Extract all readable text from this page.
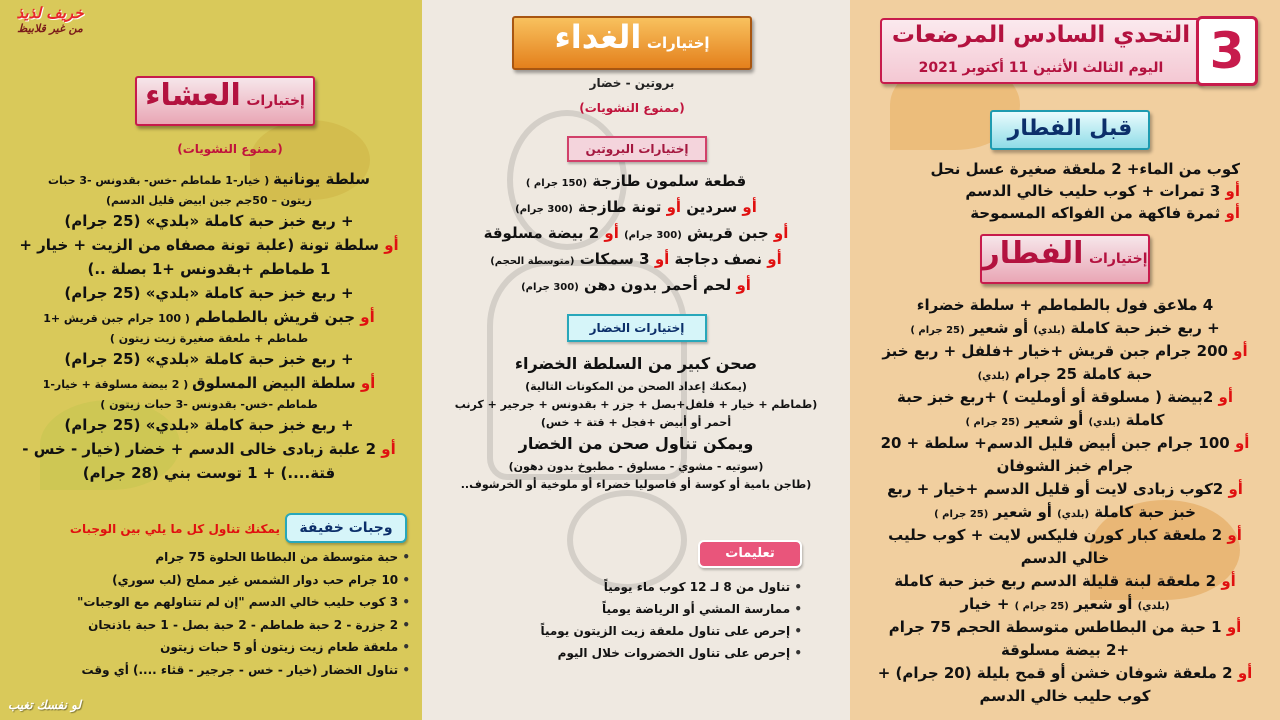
خريف لذيذ
من غير قلابيظ
إختيارات العشاء
(ممنوع النشويات)
سلطة يونانية ( خيار-1 طماطم -خس- بقدونس -3 حبات
زيتون – 50جم جبن ابيض قليل الدسم)
+ ربع خبز حبة كاملة «بلدي» (25 جرام)
أو سلطة تونة (علبة تونة مصفاه من الزيت + خيار +
1 طماطم +بقدونس +1 بصلة ..)
+ ربع خبز حبة كاملة «بلدي» (25 جرام)
أو جبن قريش بالطماطم ( 100 جرام جبن قريش +1
طماطم + ملعقة صغيرة زيت زيتون )
+ ربع خبز حبة كاملة «بلدي» (25 جرام)
أو سلطة البيض المسلوق ( 2 بيضة مسلوقة + خيار-1
طماطم -خس- بقدونس -3 حبات زيتون )
+ ربع خبز حبة كاملة «بلدي» (25 جرام)
أو 2 علبة زبادى خالى الدسم + خضار (خيار - خس -
قتة....) + 1 توست بني (28 جرام)
وجبات خفيفة
يمكنك تناول كل ما يلي بين الوجبات
• حبة متوسطة من البطاطا الحلوة 75 جرام
• 10 جرام حب دوار الشمس غير مملح (لب سوري)
• 3 كوب حليب خالي الدسم "إن لم تتناولهم مع الوجبات"
• 2 جزرة - 2 حبة طماطم - 2 حبة بصل - 1 حبة باذنجان
• ملعقة طعام زيت زيتون أو 5 حبات زيتون
• تناول الخضار (خيار - خس - جرجير - قثاء ....) أي وقت
لو نفسك تغيب
إختيارات الغداء
بروتين - خضار
(ممنوع النشويات)
إختيارات البروتين
قطعة سلمون طازجة (150 جرام )
أو سردين أو تونة طازجة (300 جرام)
أو جبن قريش (300 جرام) أو 2 بيضة مسلوقة
أو نصف دجاجة أو 3 سمكات (متوسطة الحجم)
أو لحم أحمر بدون دهن (300 جرام)
إختيارات الخضار
صحن كبير من السلطة الخضراء
(يمكنك إعداد الصحن من المكونات التالية)
(طماطم + خيار + فلفل+بصل + جزر + بقدونس + جرجير + كرنب
أحمر أو أبيض +فجل + قتة + خس)
ويمكن تناول صحن من الخضار
(سوتيه - مشوي - مسلوق - مطبوخ بدون دهون)
(طاجن بامية أو كوسة أو فاصوليا خضراء أو ملوخية أو الخرشوف..
تعليمات
• تناول من 8 لـ 12 كوب ماء يومياً
• ممارسة المشي أو الرياضة يومياً
• إحرص على تناول ملعقة زيت الزيتون يومياً
• إحرص على تناول الخضروات خلال اليوم
التحدي السادس المرضعات
اليوم الثالث الأثنين 11 أكتوبر 2021 3
قبل الفطار
كوب من الماء+ 2 ملعقة صغيرة عسل نحل
أو 3 تمرات + كوب حليب خالي الدسم
أو ثمرة فاكهة من الفواكه المسموحة
إختيارات الفطار
4 ملاعق فول بالطماطم + سلطة خضراء
+ ربع خبز حبة كاملة (بلدي) أو شعير (25 جرام )
أو 200 جرام جبن قريش +خيار +فلفل + ربع خبز
حبة كاملة 25 جرام (بلدي)
أو 2بيضة ( مسلوقة أو أومليت ) +ربع خبز حبة
كاملة (بلدي) أو شعير (25 جرام )
أو 100 جرام جبن أبيض قليل الدسم+ سلطة + 20
جرام خبز الشوفان
أو 2كوب زبادى لايت أو قليل الدسم +خيار + ربع
خبز حبة كاملة (بلدي) أو شعير (25 جرام )
أو 2 ملعقة كبار كورن فليكس لايت + كوب حليب
خالي الدسم
أو 2 ملعقة لبنة قليلة الدسم ربع خبز حبة كاملة
(بلدي) أو شعير (25 جرام ) + خيار
أو 1 حبة من البطاطس متوسطة الحجم 75 جرام
+2 بيضة مسلوقة
أو 2 ملعقة شوفان خشن أو قمح بليلة (20 جرام) +
كوب حليب خالي الدسم
